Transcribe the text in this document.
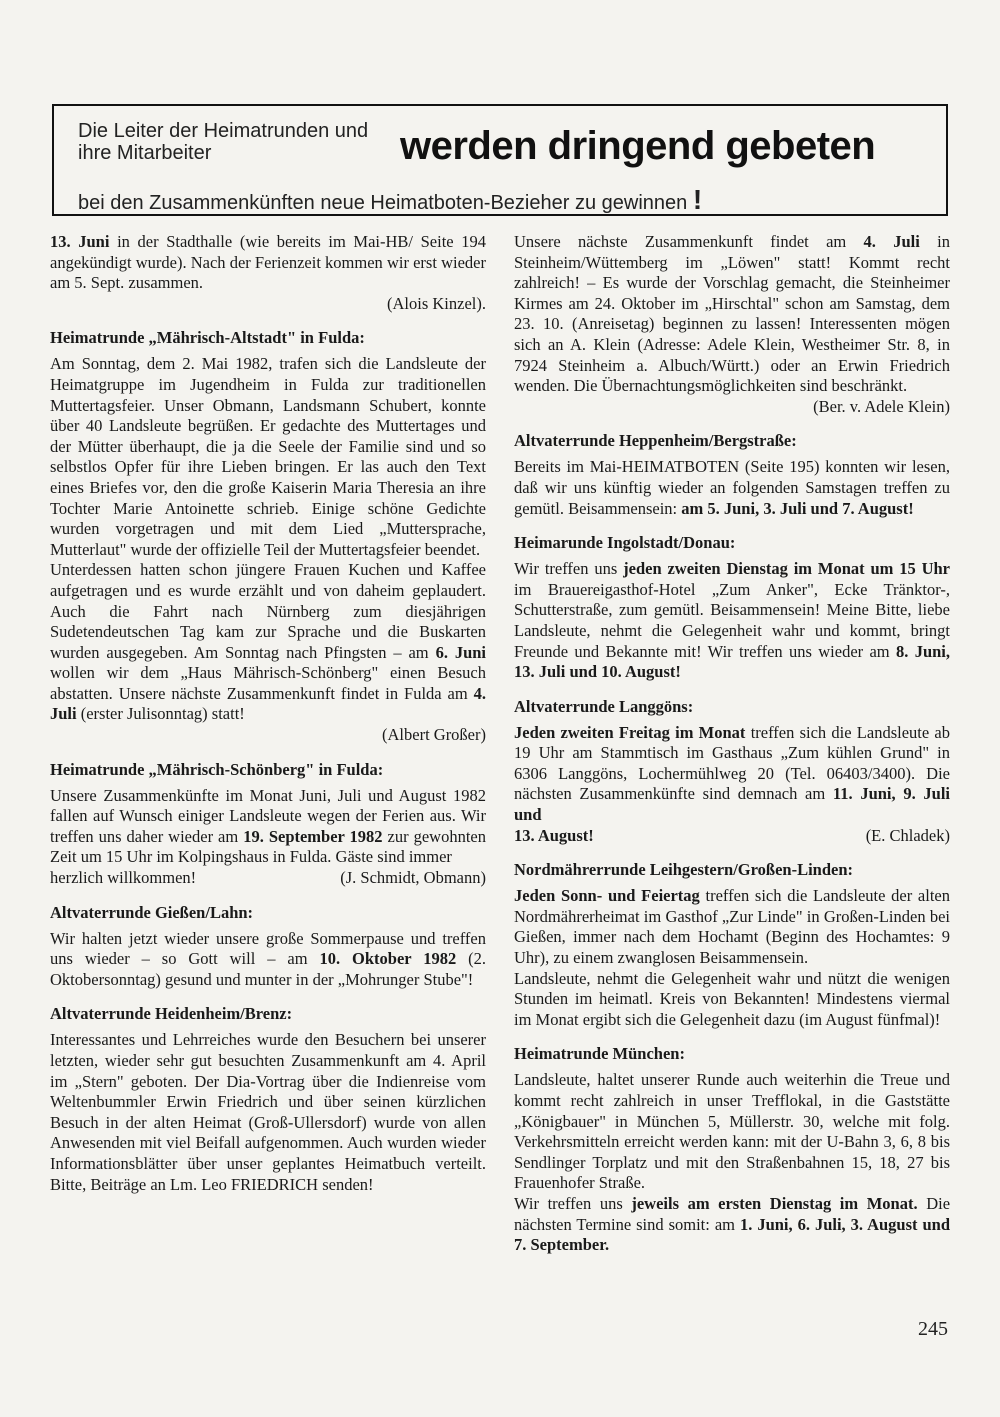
Die Leiter der Heimatrunden und ihre Mitarbeiter	werden dringend gebeten
bei den Zusammenkünften neue Heimatboten-Bezieher zu gewinnen !

13. Juni in der Stadthalle (wie bereits im Mai-HB/ Seite 194 angekündigt wurde). Nach der Ferienzeit kommen wir erst wieder am 5. Sept. zusammen.

(Alois Kinzel).

Heimatrunde „Mährisch-Altstadt" in Fulda:

Am Sonntag, dem 2. Mai 1982, trafen sich die Landsleute der Heimatgruppe im Jugendheim in Fulda zur traditionellen Muttertagsfeier. Unser Obmann, Landsmann Schubert, konnte über 40 Landsleute begrüßen. Er gedachte des Muttertages und der Mütter überhaupt, die ja die Seele der Familie sind und so selbstlos Opfer für ihre Lieben bringen. Er las auch den Text eines Briefes vor, den die große Kaiserin Maria Theresia an ihre Tochter Marie Antoinette schrieb. Einige schöne Gedichte wurden vorgetragen und mit dem Lied „Muttersprache, Mutterlaut" wurde der offizielle Teil der Muttertagsfeier beendet.

Unterdessen hatten schon jüngere Frauen Kuchen und Kaffee aufgetragen und es wurde erzählt und von daheim geplaudert. Auch die Fahrt nach Nürnberg zum diesjährigen Sudetendeutschen Tag kam zur Sprache und die Buskarten wurden ausgegeben. Am Sonntag nach Pfingsten – am 6. Juni wollen wir dem „Haus Mährisch-Schönberg" einen Besuch abstatten. Unsere nächste Zusammenkunft findet in Fulda am 4. Juli (erster Julisonntag) statt!

(Albert Großer)

Heimatrunde „Mährisch-Schönberg" in Fulda:

Unsere Zusammenkünfte im Monat Juni, Juli und August 1982 fallen auf Wunsch einiger Landsleute wegen der Ferien aus. Wir treffen uns daher wieder am 19. September 1982 zur gewohnten Zeit um 15 Uhr im Kolpingshaus in Fulda. Gäste sind immer

herzlich willkommen!	(J. Schmidt, Obmann)

Altvaterrunde Gießen/Lahn:

Wir halten jetzt wieder unsere große Sommerpause und treffen uns wieder – so Gott will – am 10. Oktober 1982 (2. Oktobersonntag) gesund und munter in der „Mohrunger Stube"!

Altvaterrunde Heidenheim/Brenz:

Interessantes und Lehrreiches wurde den Besuchern bei unserer letzten, wieder sehr gut besuchten Zusammenkunft am 4. April im „Stern" geboten. Der Dia-Vortrag über die Indienreise vom Weltenbummler Erwin Friedrich und über seinen kürzlichen Besuch in der alten Heimat (Groß-Ullersdorf) wurde von allen Anwesenden mit viel Beifall aufgenommen. Auch wurden wieder Informationsblätter über unser geplantes Heimatbuch verteilt. Bitte, Beiträge an Lm. Leo FRIEDRICH senden!

Unsere nächste Zusammenkunft findet am 4. Juli in Steinheim/Wüttemberg im „Löwen" statt! Kommt recht zahlreich! – Es wurde der Vorschlag gemacht, die Steinheimer Kirmes am 24. Oktober im „Hirschtal" schon am Samstag, dem 23. 10. (Anreisetag) beginnen zu lassen! Interessenten mögen sich an A. Klein (Adresse: Adele Klein, Westheimer Str. 8, in 7924 Steinheim a. Albuch/Württ.) oder an Erwin Friedrich wenden. Die Übernachtungsmöglichkeiten sind beschränkt.

(Ber. v. Adele Klein)

Altvaterrunde Heppenheim/Bergstraße:

Bereits im Mai-HEIMATBOTEN (Seite 195) konnten wir lesen, daß wir uns künftig wieder an folgenden Samstagen treffen zu gemütl. Beisammensein: am 5. Juni, 3. Juli und 7. August!

Heimarunde Ingolstadt/Donau:

Wir treffen uns jeden zweiten Dienstag im Monat um 15 Uhr im Brauereigasthof-Hotel „Zum Anker", Ecke Tränktor-, Schutterstraße, zum gemütl. Beisammensein! Meine Bitte, liebe Landsleute, nehmt die Gelegenheit wahr und kommt, bringt Freunde und Bekannte mit! Wir treffen uns wieder am 8. Juni, 13. Juli und 10. August!

Altvaterrunde Langgöns:

Jeden zweiten Freitag im Monat treffen sich die Landsleute ab 19 Uhr am Stammtisch im Gasthaus „Zum kühlen Grund" in 6306 Langgöns, Lochermühlweg 20 (Tel. 06403/3400). Die nächsten Zusammenkünfte sind demnach am 11. Juni, 9. Juli und

13. August!	(E. Chladek)

Nordmährerrunde Leihgestern/Großen-Linden:

Jeden Sonn- und Feiertag treffen sich die Landsleute der alten Nordmährerheimat im Gasthof „Zur Linde" in Großen-Linden bei Gießen, immer nach dem Hochamt (Beginn des Hochamtes: 9 Uhr), zu einem zwanglosen Beisammensein.

Landsleute, nehmt die Gelegenheit wahr und nützt die wenigen Stunden im heimatl. Kreis von Bekannten! Mindestens viermal im Monat ergibt sich die Gelegenheit dazu (im August fünfmal)!

Heimatrunde München:

Landsleute, haltet unserer Runde auch weiterhin die Treue und kommt recht zahlreich in unser Trefflokal, in die Gaststätte „Königbauer" in München 5, Müllerstr. 30, welche mit folg. Verkehrsmitteln erreicht werden kann: mit der U-Bahn 3, 6, 8 bis Sendlinger Torplatz und mit den Straßenbahnen 15, 18, 27 bis Frauenhofer Straße.

Wir treffen uns jeweils am ersten Dienstag im Monat. Die nächsten Termine sind somit: am 1. Juni, 6. Juli, 3. August und 7. September.

245
